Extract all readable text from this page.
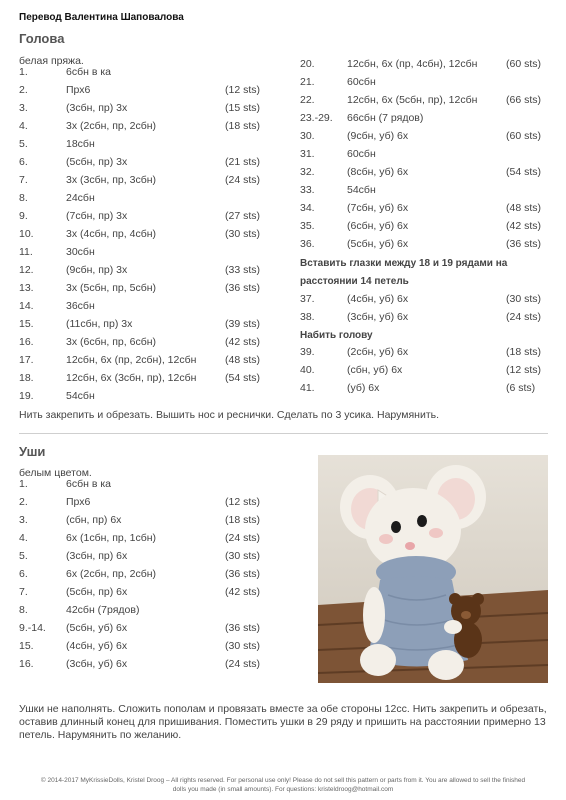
Перевод Валентина Шаповалова
Голова
белая пряжа.
1.	6сбн в ка
2.	Прх6	(12 sts)
3.	(3сбн, пр) 3х	(15 sts)
4.	3х (2сбн, пр, 2сбн)	(18 sts)
5.	18сбн
6.	(5сбн, пр) 3х	(21 sts)
7.	3х (3сбн, пр, 3сбн)	(24 sts)
8.	24сбн
9.	(7сбн, пр) 3х	(27 sts)
10.	3х (4сбн, пр, 4сбн)	(30 sts)
11.	30сбн
12.	(9сбн, пр) 3х	(33 sts)
13.	3х (5сбн, пр, 5сбн)	(36 sts)
14.	36сбн
15.	(11сбн, пр) 3х	(39 sts)
16.	3х (6сбн, пр, 6сбн)	(42 sts)
17.	12сбн, 6х (пр, 2сбн), 12сбн	(48 sts)
18.	12сбн, 6х (3сбн, пр), 12сбн	(54 sts)
19.	54сбн
20.	12сбн, 6х (пр, 4сбн), 12сбн	(60 sts)
21.	60сбн
22.	12сбн, 6х (5сбн, пр), 12сбн	(66 sts)
23.-29. 66сбн (7 рядов)
30.	(9сбн, уб) 6х	(60 sts)
31.	60сбн
32.	(8сбн, уб) 6х	(54 sts)
33.	54сбн
34.	(7сбн, уб) 6х	(48 sts)
35.	(6сбн, уб) 6х	(42 sts)
36.	(5сбн, уб) 6х	(36 sts)
Вставить глазки между 18 и 19 рядами на
расстоянии 14 петель
37.	(4сбн, уб) 6х	(30 sts)
38.	(3сбн, уб) 6х	(24 sts)
Набить голову
39.	(2сбн, уб) 6х	(18 sts)
40.	(сбн, уб) 6х	(12 sts)
41.	(уб) 6х	(6 sts)
Нить закрепить и обрезать. Вышить нос и реснички. Сделать по 3 усика. Нарумянить.
Уши
белым цветом.
1.	6сбн в ка
2.	Прх6	(12 sts)
3.	(сбн, пр) 6х	(18 sts)
4.	6х (1сбн, пр, 1сбн)	(24 sts)
5.	(3сбн, пр) 6х	(30 sts)
6.	6х (2сбн, пр, 2сбн)	(36 sts)
7.	(5сбн, пр) 6х	(42 sts)
8.	42сбн (7рядов)
9.-14. (5сбн, уб) 6х	(36 sts)
15.	(4сбн, уб) 6х	(30 sts)
16.	(3сбн, уб) 6х	(24 sts)
Ушки не наполнять. Сложить пополам и провязать вместе за обе стороны 12сс. Нить закрепить и обрезать,
оставив длинный конец для пришивания. Поместить ушки в 29 ряду и пришить на расстоянии примерно 13
петель. Нарумянить по желанию.
© 2014-2017 MyKrissieDolls, Kristel Droog – All rights reserved. For personal use only! Please do not sell this pattern or parts from it. You are allowed to sell the finished
dolls you made (in small amounts). For questions: kristeldroog@hotmail.com
